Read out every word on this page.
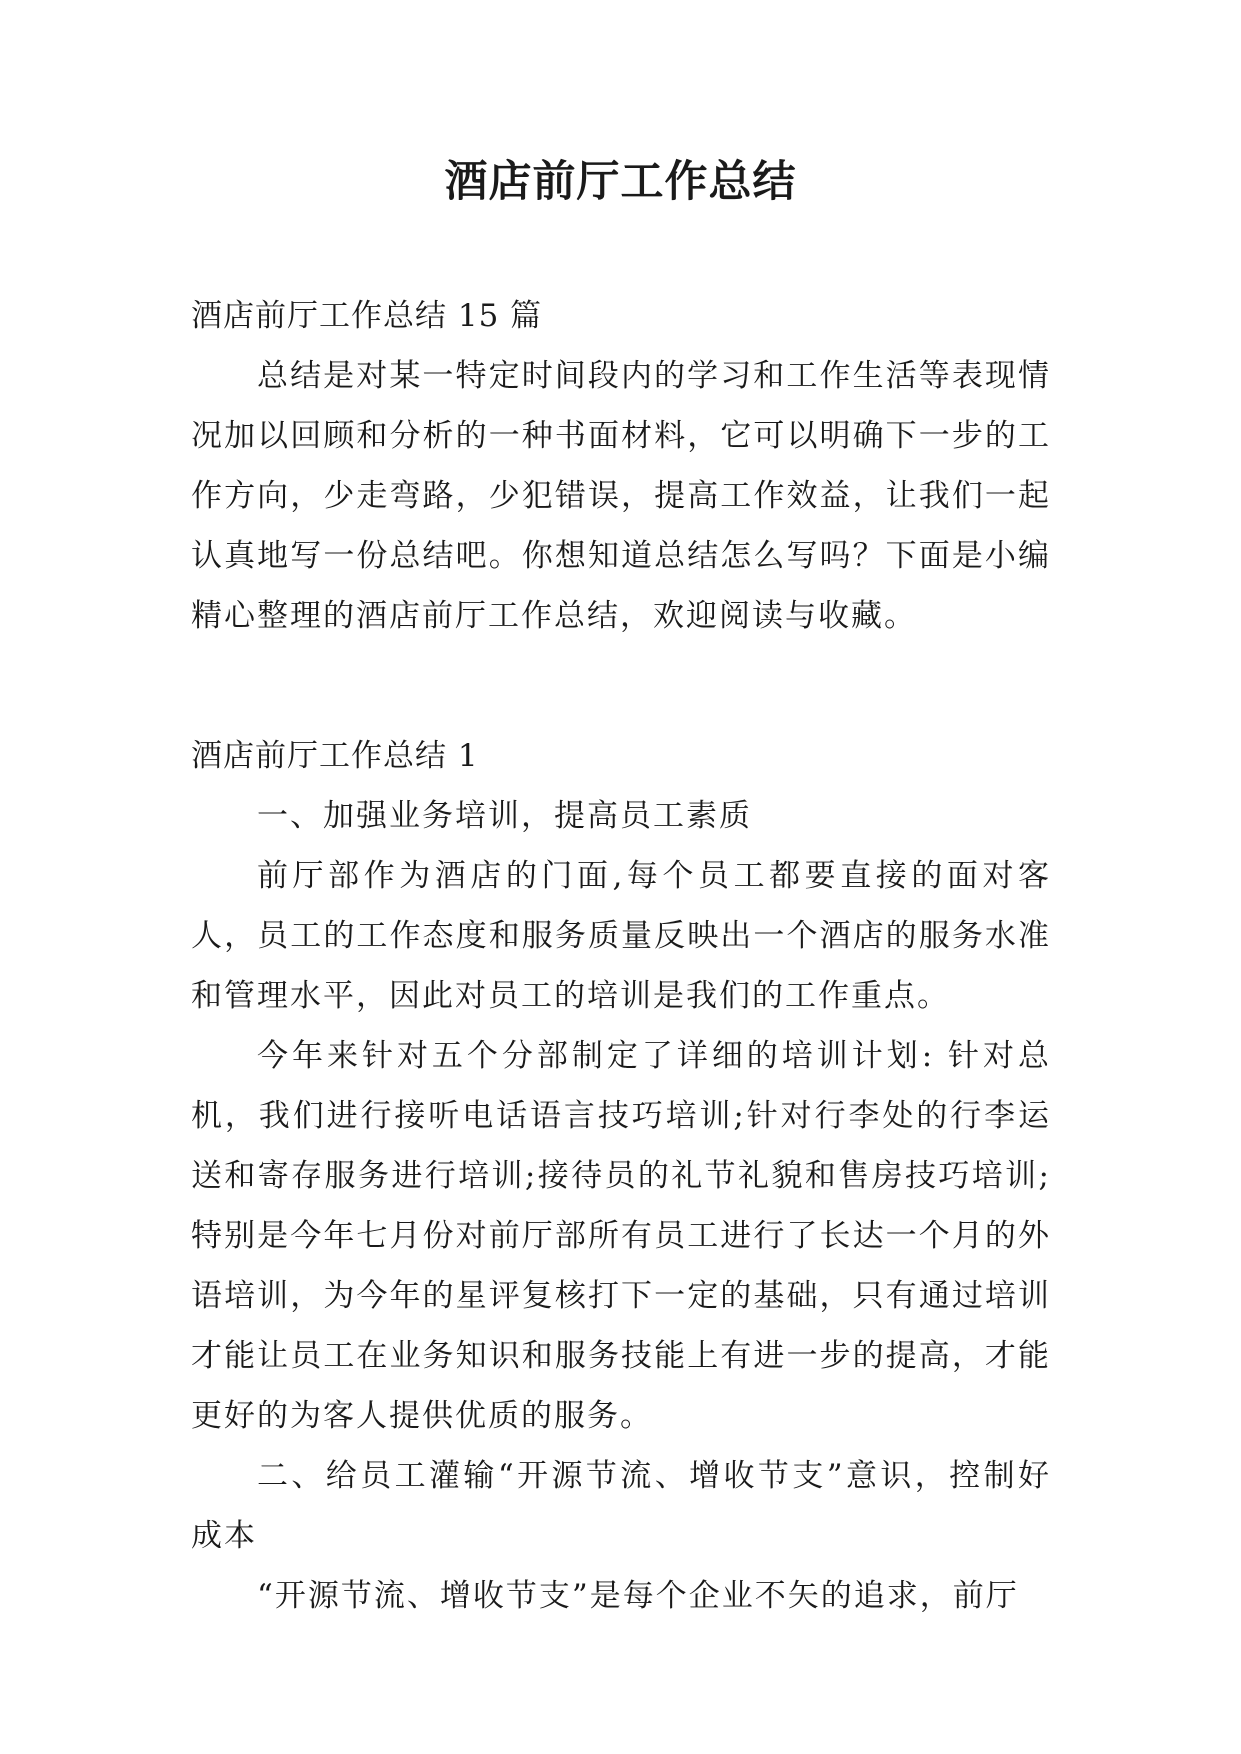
酒店前厅工作总结

酒店前厅工作总结 15 篇

总结是对某一特定时间段内的学习和工作生活等表现情况加以回顾和分析的一种书面材料，它可以明确下一步的工作方向，少走弯路，少犯错误，提高工作效益，让我们一起认真地写一份总结吧。你想知道总结怎么写吗？下面是小编精心整理的酒店前厅工作总结，欢迎阅读与收藏。

酒店前厅工作总结 1

一、加强业务培训，提高员工素质

前厅部作为酒店的门面,每个员工都要直接的面对客人，员工的工作态度和服务质量反映出一个酒店的服务水准和管理水平，因此对员工的培训是我们的工作重点。

今年来针对五个分部制定了详细的培训计划: 针对总机，我们进行接听电话语言技巧培训;针对行李处的行李运送和寄存服务进行培训;接待员的礼节礼貌和售房技巧培训;特别是今年七月份对前厅部所有员工进行了长达一个月的外语培训，为今年的星评复核打下一定的基础，只有通过培训才能让员工在业务知识和服务技能上有进一步的提高，才能更好的为客人提供优质的服务。

二、给员工灌输“开源节流、增收节支”意识，控制好成本

“开源节流、增收节支”是每个企业不矢的追求，前厅
